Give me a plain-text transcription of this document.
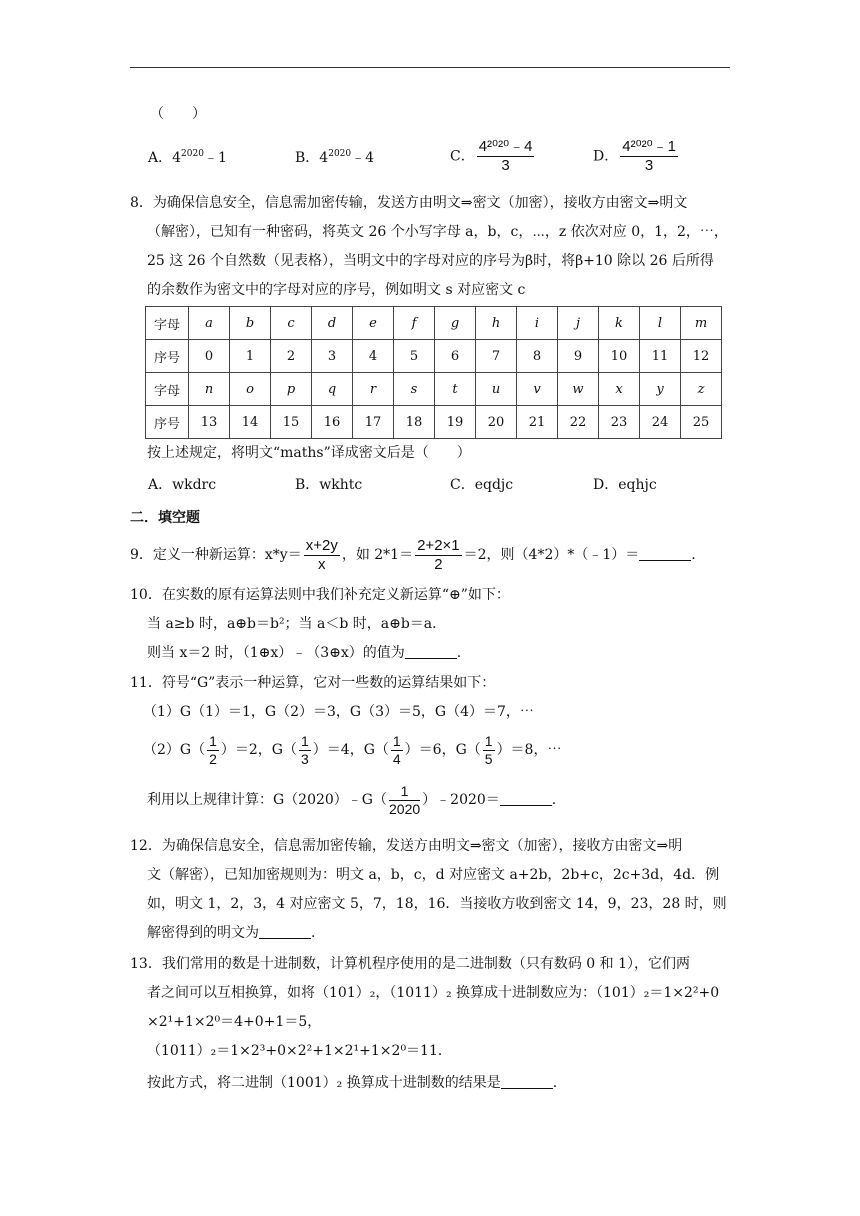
（　　）
A．$4^{2020}﹣1$	B．$4^{2020}﹣4$	C． $\frac{\text{4²⁰²⁰﹣4}}{3}$	D． $\frac{\text{4²⁰²⁰﹣1}}{3}$
8．为确保信息安全，信息需加密传输，发送方由明文⇒密文（加密），接收方由密文⇒明文
（解密），已知有一种密码，将英文 26 个小写字母 a，b，c，⋯，z 依次对应 0，1，2，⋯，
25 这 26 个自然数（见表格），当明文中的字母对应的序号为β时，将β+10 除以 26 后所得
的余数作为密文中的字母对应的序号，例如明文 s 对应密文 c
字母	a	b	c	d	e	f	g	h	i	j	k	l	m
序号	0	1	2	3	4	5	6	7	8	9	10	11	12
字母	n	o	p	q	r	s	t	u	v	w	x	y	z
序号	13	14	15	16	17	18	19	20	21	22	23	24	25
按上述规定，将明文“maths”译成密文后是（　　）
A．wkdrc	B．wkhtc	C．eqdjc	D．eqhjc
二．填空题
9．定义一种新运算：$x*y= \frac{x+2y}{x}$ ，如 $2*1= \frac{2+2\times 1}{2} =2$，则（4*2）*（﹣1）＝	.
10．在实数的原有运算法则中我们补充定义新运算“⊕”如下：
当 a≥b 时，a⊕b＝b²；当 a＜b 时，a⊕b＝a．
则当 x＝2 时，（1⊕x）﹣（3⊕x）的值为	.
11．符号“G”表示一种运算，它对一些数的运算结果如下：
（1）G（1）＝1，G（2）＝3，G（3）＝5，G（4）＝7，⋯
$(2)G( \frac{1}{2} )=2$，$G( \frac{1}{3} )=4$，$G( \frac{1}{4} )=6$，$G( \frac{1}{5} )=8$，⋯
利用以上规律计算：G（2020）﹣G（ $\frac{1}{2020}$ ）﹣2020＝	.
12．为确保信息安全，信息需加密传输，发送方由明文⇒密文（加密），接收方由密文⇒明
文（解密），已知加密规则为：明文 a，b，c，d 对应密文 a+2b，2b+c，2c+3d，4d．例
如，明文 1，2，3，4 对应密文 5，7，18，16．当接收方收到密文 14，9，23，28 时，则
解密得到的明文为	.
13．我们常用的数是十进制数，计算机程序使用的是二进制数（只有数码 0 和 1），它们两
者之间可以互相换算，如将（101）₂，（1011）₂ 换算成十进制数应为：（101）₂＝1×2²+0
×2¹+1×2⁰＝4+0+1＝5，
（1011）₂＝1×2³+0×2²+1×2¹+1×2⁰＝11．
按此方式，将二进制（1001）₂ 换算成十进制数的结果是	.
